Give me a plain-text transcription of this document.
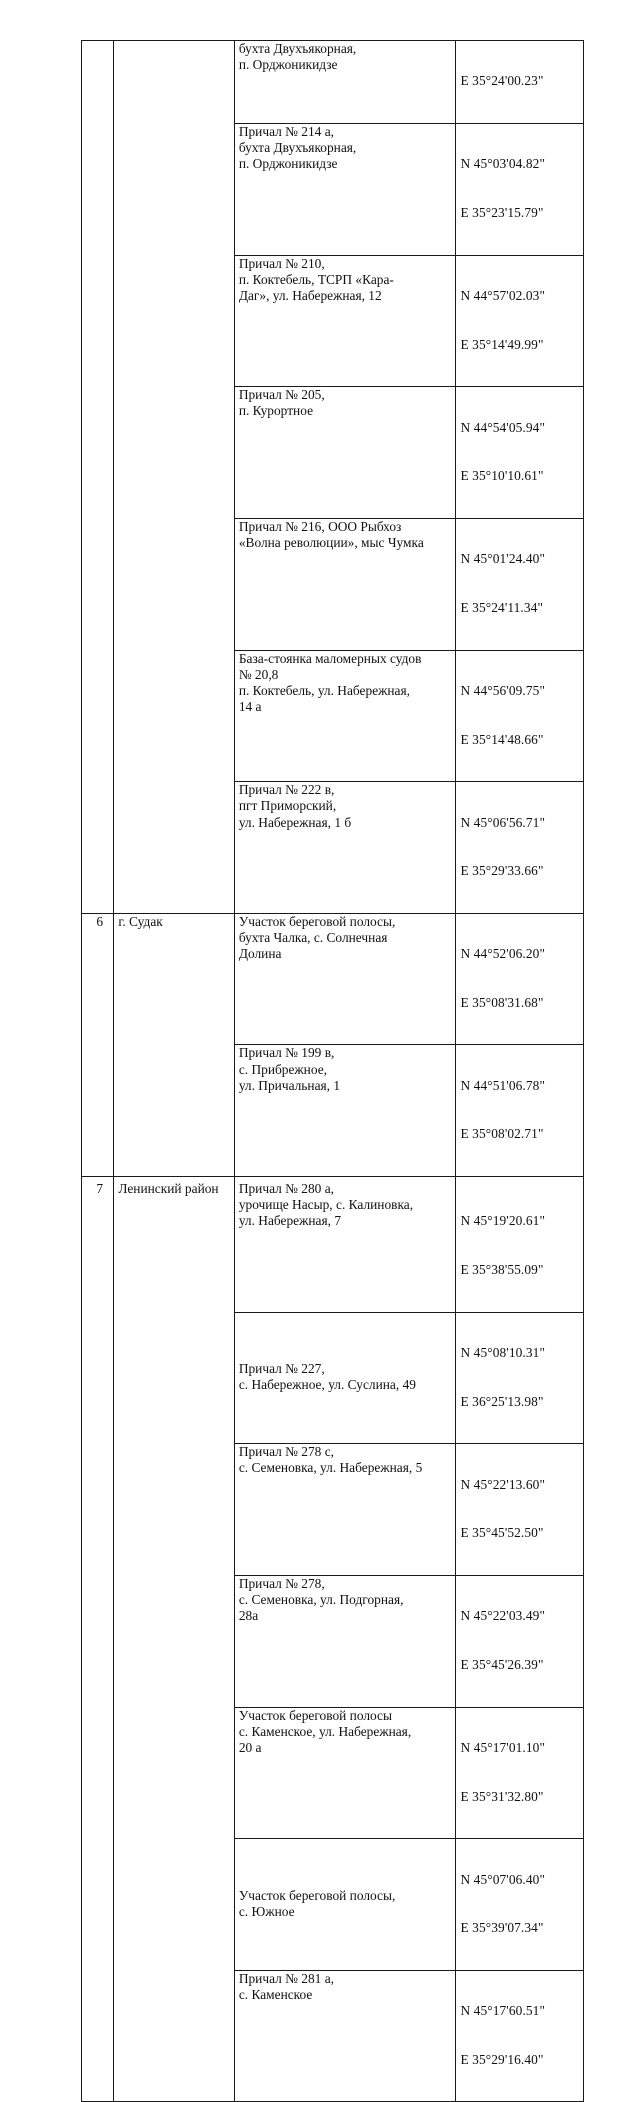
		бухта Двухъякорная,
п. Орджоникидзе	E 35°24'00.23"

		Причал № 214 а,
бухта Двухъякорная,
п. Орджоникидзе	N 45°03'04.82"

E 35°23'15.79"

		Причал № 210,
п. Коктебель, ТСРП «Кара-
Даг», ул. Набережная, 12	N 44°57'02.03"

E 35°14'49.99"

		Причал № 205,
п. Курортное	N 44°54'05.94"

E 35°10'10.61"

		Причал № 216, ООО Рыбхоз
«Волна революции», мыс Чумка	N 45°01'24.40"

E 35°24'11.34"

		База-стоянка маломерных судов
№ 20,8
п. Коктебель, ул. Набережная,
14 а	N 44°56'09.75"

E 35°14'48.66"

		Причал № 222 в,
пгт Приморский,
ул. Набережная, 1 б	N 45°06'56.71"

E 35°29'33.66"

6	г. Судак	Участок береговой полосы,
бухта Чалка, с. Солнечная
Долина	N 44°52'06.20"

E 35°08'31.68"

		Причал № 199 в,
с. Прибрежное,
ул. Причальная, 1	N 44°51'06.78"

E 35°08'02.71"

7	Ленинский район	Причал № 280 а,
урочище Насыр, с. Калиновка,
ул. Набережная, 7	N 45°19'20.61"

E 35°38'55.09"

		Причал № 227,
с. Набережное, ул. Суслина, 49	N 45°08'10.31"

E 36°25'13.98"

		Причал № 278 с,
с. Семеновка, ул. Набережная, 5	N 45°22'13.60"

E 35°45'52.50"

		Причал № 278,
с. Семеновка, ул. Подгорная,
28а	N 45°22'03.49"

E 35°45'26.39"

		Участок береговой полосы
с. Каменское, ул. Набережная,
20 а	N 45°17'01.10"

E 35°31'32.80"

		Участок береговой полосы,
с. Южное	N 45°07'06.40"

E 35°39'07.34"

		Причал № 281 а,
с. Каменское	N 45°17'60.51"

E 35°29'16.40"
